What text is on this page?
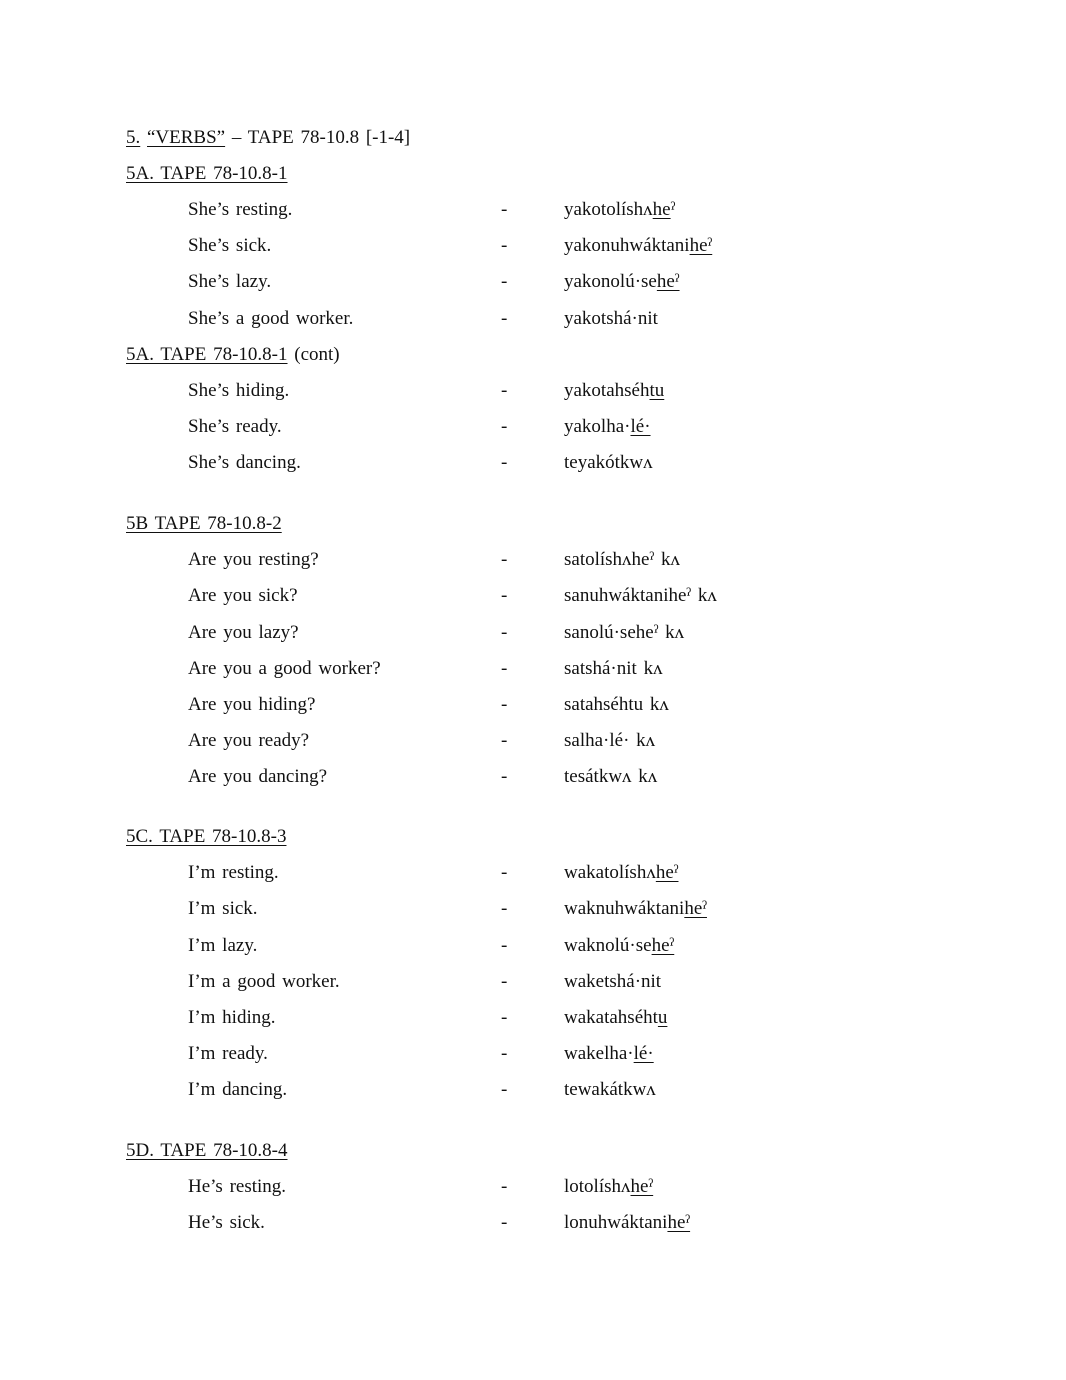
5. “VERBS” – TAPE 78-10.8 [-1-4]
5A. TAPE 78-10.8-1
She’s resting.	-	yakotolíshʌheˀ
She’s sick.	-	yakonuhwáktaniheˀ
She’s lazy.	-	yakonolú·seheˀ
She’s a good worker.	-	yakotshá·nit
5A. TAPE 78-10.8-1 (cont)
She’s hiding.	-	yakotahséhtu
She’s ready.	-	yakolha·lé·
She’s dancing.	-	teyakótkwʌ
5B TAPE 78-10.8-2
Are you resting?	-	satolíshʌheˀ kʌ
Are you sick?	-	sanuhwáktaniheˀ kʌ
Are you lazy?	-	sanolú·seheˀ kʌ
Are you a good worker?	-	satshá·nit kʌ
Are you hiding?	-	satahséhtu kʌ
Are you ready?	-	salha·lé· kʌ
Are you dancing?	-	tesátkwʌ kʌ
5C. TAPE 78-10.8-3
I’m resting.	-	wakatolíshʌheˀ
I’m sick.	-	waknuhwáktaniheˀ
I’m lazy.	-	waknolú·seheˀ
I’m a good worker.	-	waketshá·nit
I’m hiding.	-	wakatahséhtu
I’m ready.	-	wakelha·lé·
I’m dancing.	-	tewakátkwʌ
5D. TAPE 78-10.8-4
He’s resting.	-	lotolíshʌheˀ
He’s sick.	-	lonuhwáktaniheˀ
